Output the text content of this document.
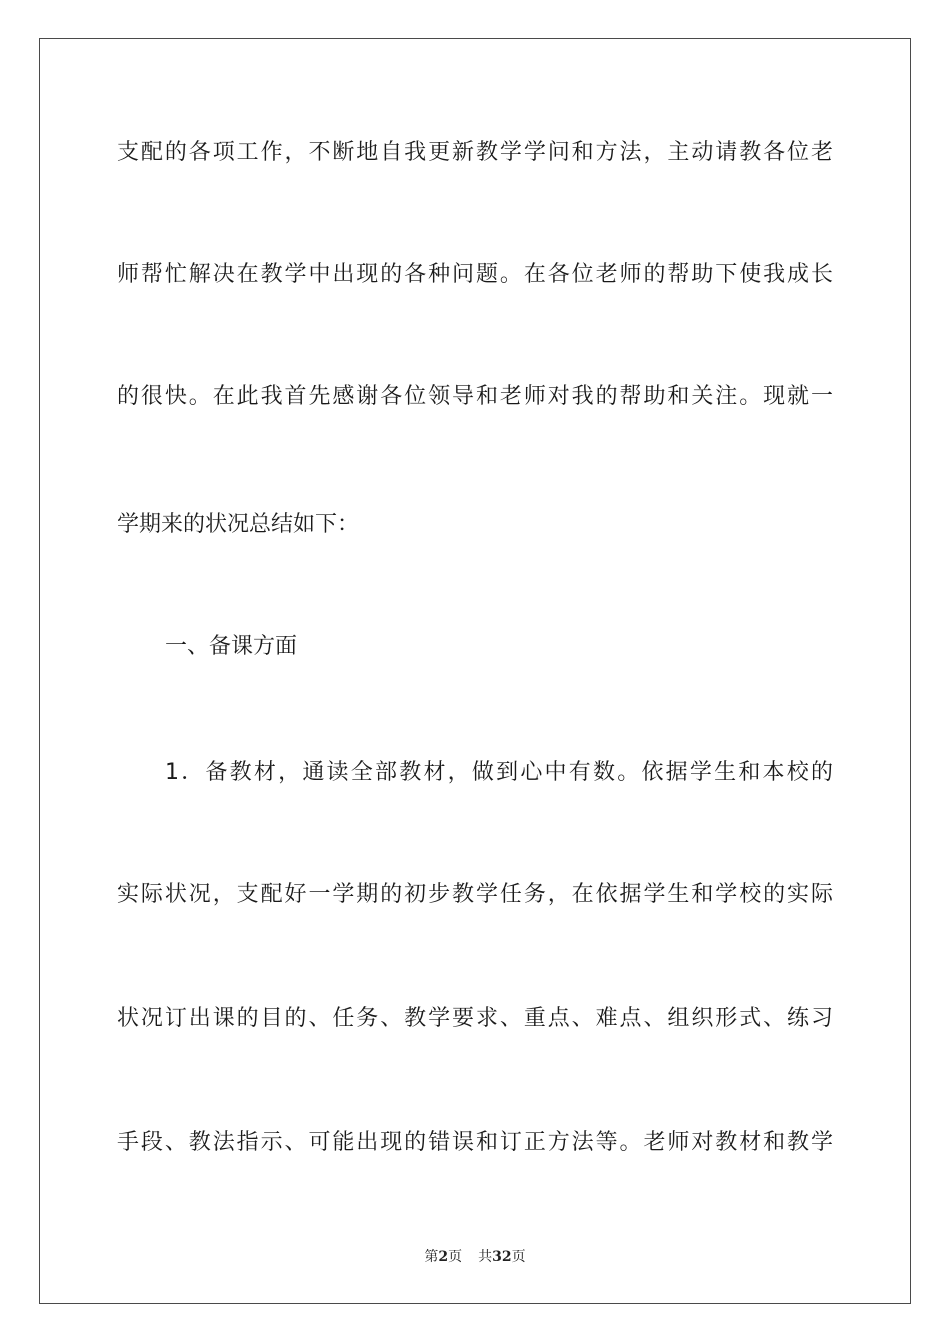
支配的各项工作，不断地自我更新教学学问和方法，主动请教各位老
师帮忙解决在教学中出现的各种问题。在各位老师的帮助下使我成长
的很快。在此我首先感谢各位领导和老师对我的帮助和关注。现就一
学期来的状况总结如下：
一、备课方面
1．备教材，通读全部教材，做到心中有数。依据学生和本校的
实际状况，支配好一学期的初步教学任务，在依据学生和学校的实际
状况订出课的目的、任务、教学要求、重点、难点、组织形式、练习
手段、教法指示、可能出现的错误和订正方法等。老师对教材和教学
第2页 共32页
